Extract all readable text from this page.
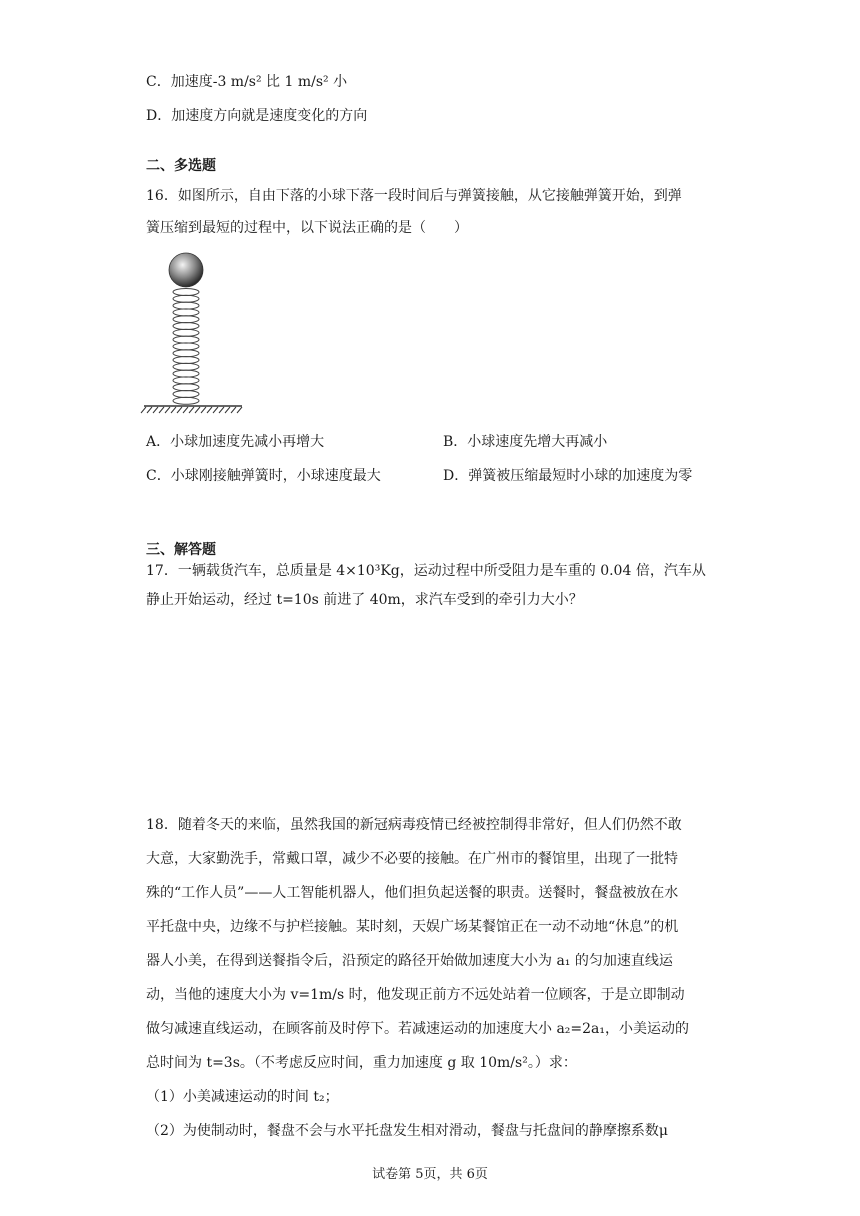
C．加速度-3 m/s² 比 1 m/s² 小
D．加速度方向就是速度变化的方向
二、多选题
16．如图所示，自由下落的小球下落一段时间后与弹簧接触，从它接触弹簧开始，到弹
簧压缩到最短的过程中，以下说法正确的是（　　）
A．小球加速度先减小再增大	B．小球速度先增大再减小
C．小球刚接触弹簧时，小球速度最大	D．弹簧被压缩最短时小球的加速度为零
三、解答题
17．一辆载货汽车，总质量是 4×10³Kg，运动过程中所受阻力是车重的 0.04 倍，汽车从
静止开始运动，经过 t=10s 前进了 40m，求汽车受到的牵引力大小？
18．随着冬天的来临，虽然我国的新冠病毒疫情已经被控制得非常好，但人们仍然不敢
大意，大家勤洗手，常戴口罩，减少不必要的接触。在广州市的餐馆里，出现了一批特
殊的“工作人员”——人工智能机器人，他们担负起送餐的职责。送餐时，餐盘被放在水
平托盘中央，边缘不与护栏接触。某时刻，天娱广场某餐馆正在一动不动地“休息”的机
器人小美，在得到送餐指令后，沿预定的路径开始做加速度大小为 a₁ 的匀加速直线运
动，当他的速度大小为 v=1m/s 时，他发现正前方不远处站着一位顾客，于是立即制动
做匀减速直线运动，在顾客前及时停下。若减速运动的加速度大小 a₂=2a₁，小美运动的
总时间为 t=3s。（不考虑反应时间，重力加速度 g 取 10m/s²。）求：
（1）小美减速运动的时间 t₂；
（2）为使制动时，餐盘不会与水平托盘发生相对滑动，餐盘与托盘间的静摩擦系数μ
试卷第 5页，共 6页
